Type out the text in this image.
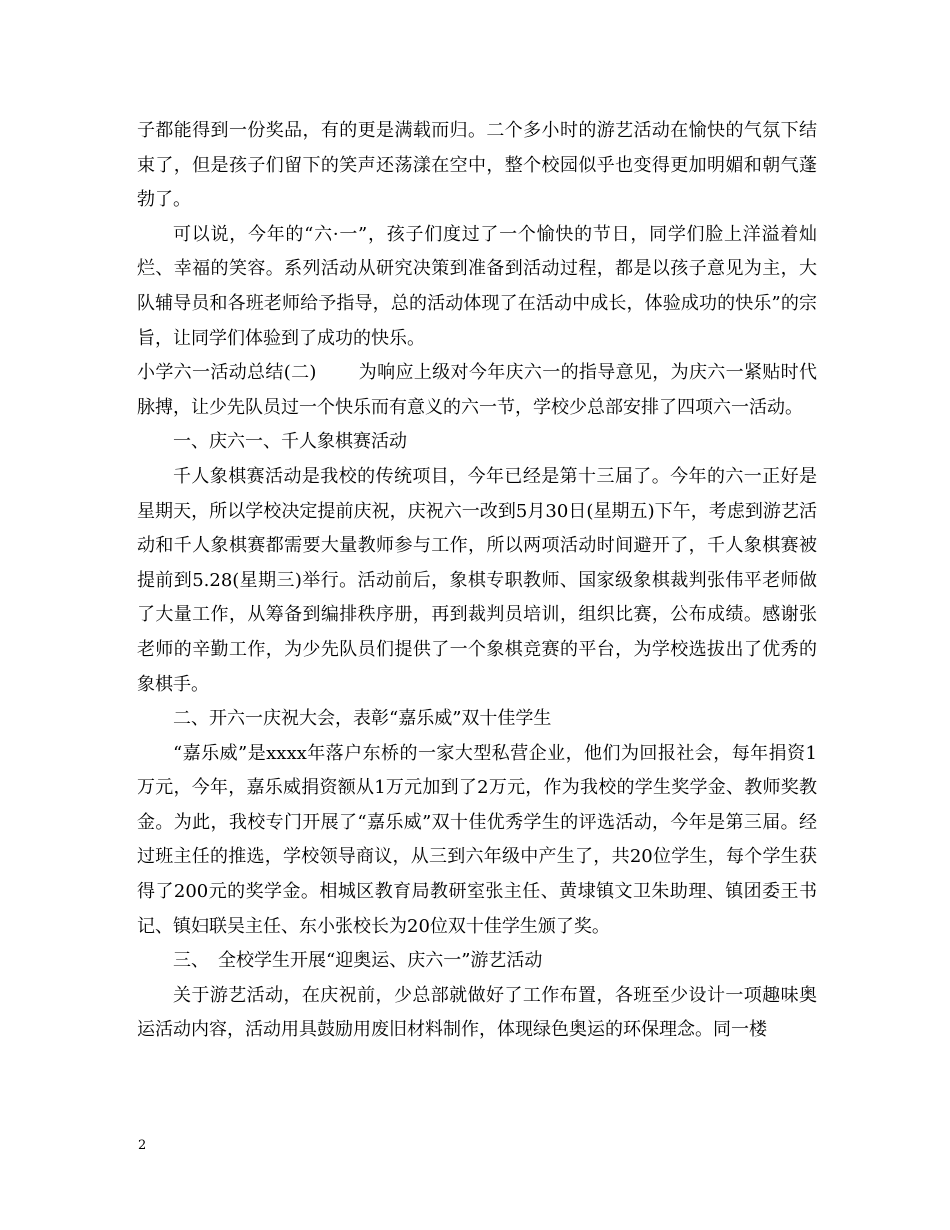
子都能得到一份奖品，有的更是满载而归。二个多小时的游艺活动在愉快的气氛下结束了，但是孩子们留下的笑声还荡漾在空中，整个校园似乎也变得更加明媚和朝气蓬勃了。

可以说，今年的“六·一”，孩子们度过了一个愉快的节日，同学们脸上洋溢着灿烂、幸福的笑容。系列活动从研究决策到准备到活动过程，都是以孩子意见为主，大队辅导员和各班老师给予指导，总的活动体现了在活动中成长，体验成功的快乐”的宗旨，让同学们体验到了成功的快乐。

小学六一活动总结(二) 为响应上级对今年庆六一的指导意见，为庆六一紧贴时代脉搏，让少先队员过一个快乐而有意义的六一节，学校少总部安排了四项六一活动。

一、庆六一、千人象棋赛活动

千人象棋赛活动是我校的传统项目，今年已经是第十三届了。今年的六一正好是星期天，所以学校决定提前庆祝，庆祝六一改到5月30日(星期五)下午，考虑到游艺活动和千人象棋赛都需要大量教师参与工作，所以两项活动时间避开了，千人象棋赛被提前到5.28(星期三)举行。活动前后，象棋专职教师、国家级象棋裁判张伟平老师做了大量工作，从筹备到编排秩序册，再到裁判员培训，组织比赛，公布成绩。感谢张老师的辛勤工作，为少先队员们提供了一个象棋竞赛的平台，为学校选拔出了优秀的象棋手。

二、开六一庆祝大会，表彰“嘉乐威”双十佳学生

“嘉乐威”是xxxx年落户东桥的一家大型私营企业，他们为回报社会，每年捐资1万元，今年，嘉乐威捐资额从1万元加到了2万元，作为我校的学生奖学金、教师奖教金。为此，我校专门开展了“嘉乐威”双十佳优秀学生的评选活动，今年是第三届。经过班主任的推选，学校领导商议，从三到六年级中产生了，共20位学生，每个学生获得了200元的奖学金。相城区教育局教研室张主任、黄埭镇文卫朱助理、镇团委王书记、镇妇联吴主任、东小张校长为20位双十佳学生颁了奖。

三、　全校学生开展“迎奥运、庆六一”游艺活动

关于游艺活动，在庆祝前，少总部就做好了工作布置，各班至少设计一项趣味奥运活动内容，活动用具鼓励用废旧材料制作，体现绿色奥运的环保理念。同一楼

2
